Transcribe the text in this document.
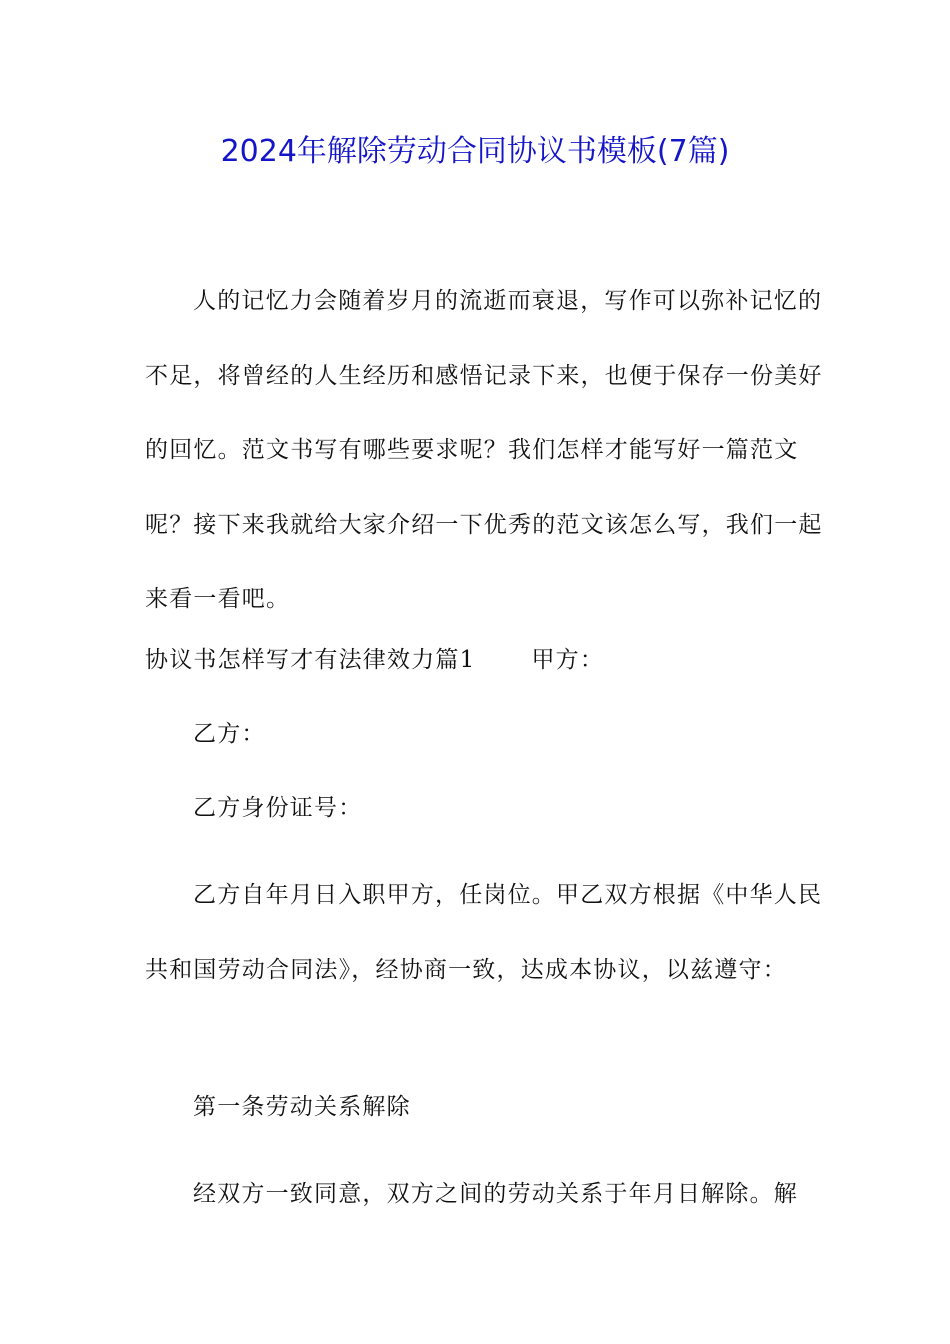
2024年解除劳动合同协议书模板(7篇)

人的记忆力会随着岁月的流逝而衰退，写作可以弥补记忆的不足，将曾经的人生经历和感悟记录下来，也便于保存一份美好的回忆。范文书写有哪些要求呢？我们怎样才能写好一篇范文呢？接下来我就给大家介绍一下优秀的范文该怎么写，我们一起来看一看吧。

协议书怎样写才有法律效力篇1 甲方：

乙方：

乙方身份证号：

乙方自年月日入职甲方，任岗位。甲乙双方根据《中华人民共和国劳动合同法》，经协商一致，达成本协议，以兹遵守：

第一条劳动关系解除

经双方一致同意，双方之间的劳动关系于年月日解除。解
